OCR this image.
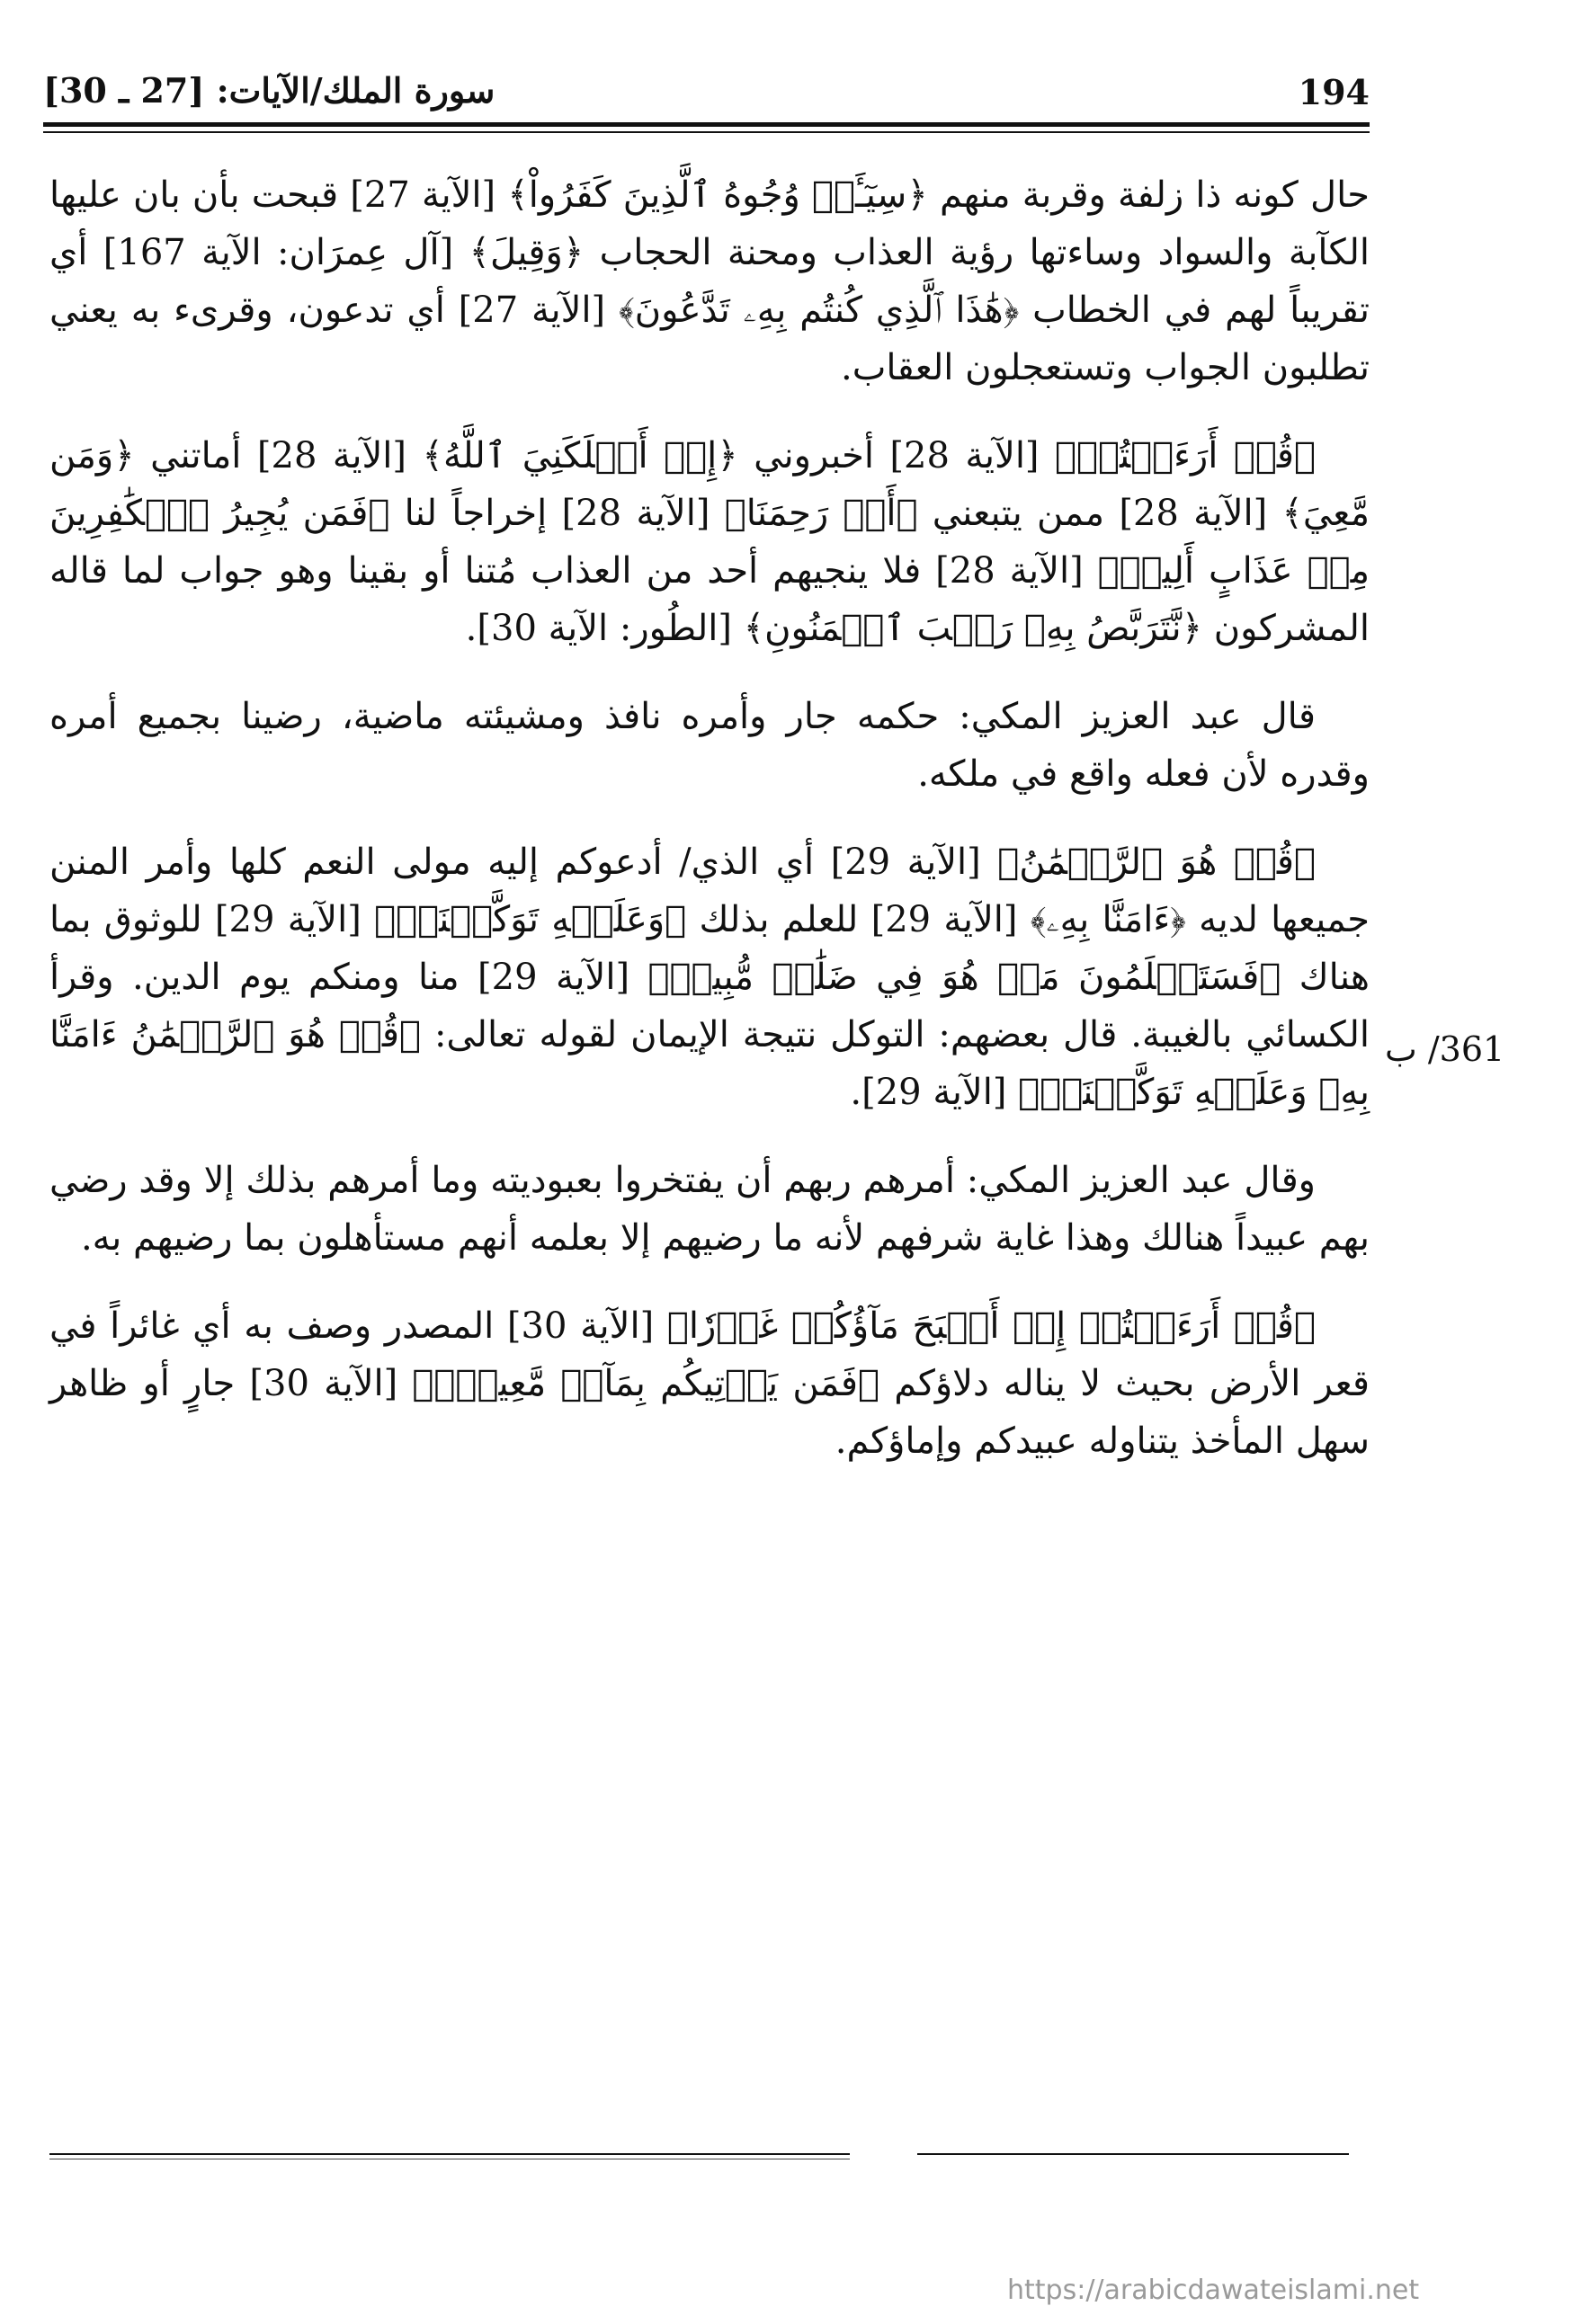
194
سورة الملك/الآيات: [27 ـ 30]

حال كونه ذا زلفة وقربة منهم ﴿سِيٓـَٔتۡ وُجُوهُ ٱلَّذِينَ كَفَرُواْ﴾ [الآية 27] قبحت بأن بان عليها الكآبة والسواد وساءتها رؤية العذاب ومحنة الحجاب ﴿وَقِيلَ﴾ [آل عِمرَان: الآية 167] أي تقريباً لهم في الخطاب ﴿هَٰذَا ٱلَّذِي كُنتُم بِهِۦ تَدَّعُونَ﴾ [الآية 27] أي تدعون، وقرىء به يعني تطلبون الجواب وتستعجلون العقاب.

﴿قُلۡ أَرَءَيۡتُمۡ﴾ [الآية 28] أخبروني ﴿إِنۡ أَهۡلَكَنِيَ ٱللَّهُ﴾ [الآية 28] أماتني ﴿وَمَن مَّعِيَ﴾ [الآية 28] ممن يتبعني ﴿أَوۡ رَحِمَنَا﴾ [الآية 28] إخراجاً لنا ﴿فَمَن يُجِيرُ ٱلۡكَٰفِرِينَ مِنۡ عَذَابٍ أَلِيمٖ﴾ [الآية 28] فلا ينجيهم أحد من العذاب مُتنا أو بقينا وهو جواب لما قاله المشركون ﴿نَّتَرَبَّصُ بِهِۦ رَيۡبَ ٱلۡمَنُونِ﴾ [الطُور: الآية 30].

قال عبد العزيز المكي: حكمه جار وأمره نافذ ومشيئته ماضية، رضينا بجميع أمره وقدره لأن فعله واقع في ملكه.

﴿قُلۡ هُوَ ٱلرَّحۡمَٰنُ﴾ [الآية 29] أي الذي/ أدعوكم إليه مولى النعم كلها وأمر المنن جميعها لديه ﴿ءَامَنَّا بِهِۦ﴾ [الآية 29] للعلم بذلك ﴿وَعَلَيۡهِ تَوَكَّلۡنَاۖ﴾ [الآية 29] للوثوق بما هناك ﴿فَسَتَعۡلَمُونَ مَنۡ هُوَ فِي ضَلَٰلٖ مُّبِينٖ﴾ [الآية 29] منا ومنكم يوم الدين. وقرأ الكسائي بالغيبة. قال بعضهم: التوكل نتيجة الإيمان لقوله تعالى: ﴿قُلۡ هُوَ ٱلرَّحۡمَٰنُ ءَامَنَّا بِهِۦ وَعَلَيۡهِ تَوَكَّلۡنَاۖ﴾ [الآية 29].

وقال عبد العزيز المكي: أمرهم ربهم أن يفتخروا بعبوديته وما أمرهم بذلك إلا وقد رضي بهم عبيداً هنالك وهذا غاية شرفهم لأنه ما رضيهم إلا بعلمه أنهم مستأهلون بما رضيهم به.

﴿قُلۡ أَرَءَيۡتُمۡ إِنۡ أَصۡبَحَ مَآؤُكُمۡ غَوۡرٗا﴾ [الآية 30] المصدر وصف به أي غائراً في قعر الأرض بحيث لا يناله دلاؤكم ﴿فَمَن يَأۡتِيكُم بِمَآءٖ مَّعِينِۭ﴾ [الآية 30] جارٍ أو ظاهر سهل المأخذ يتناوله عبيدكم وإماؤكم.

361/ ب
https://arabicdawateislami.net
